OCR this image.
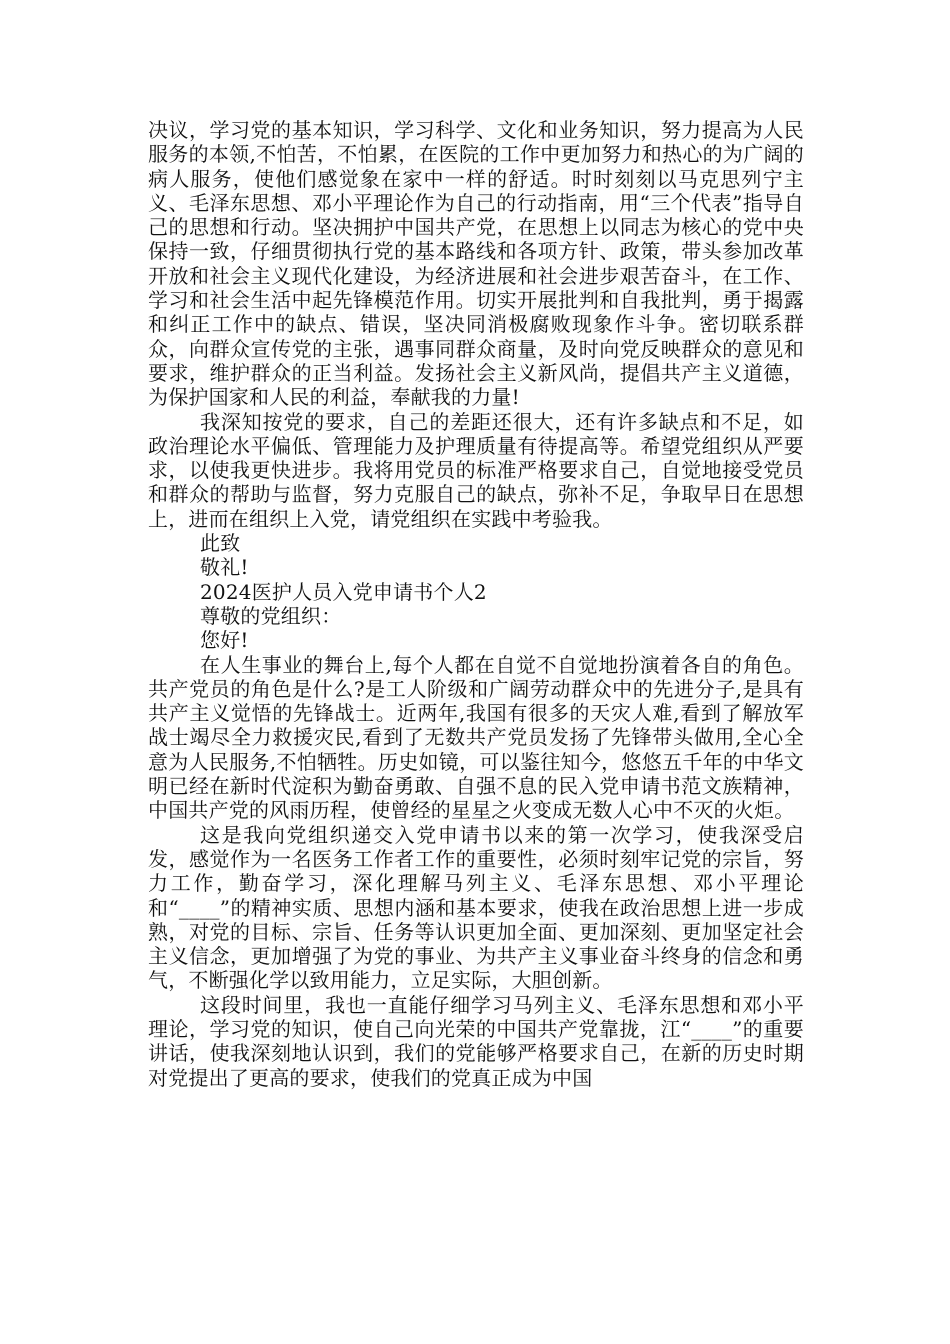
决议，学习党的基本知识，学习科学、文化和业务知识，努力提高为人民服务的本领,不怕苦，不怕累，在医院的工作中更加努力和热心的为广阔的病人服务，使他们感觉象在家中一样的舒适。时时刻刻以马克思列宁主义、毛泽东思想、邓小平理论作为自己的行动指南，用“三个代表”指导自己的思想和行动。坚决拥护中国共产党，在思想上以同志为核心的党中央保持一致，仔细贯彻执行党的基本路线和各项方针、政策，带头参加改革开放和社会主义现代化建设，为经济进展和社会进步艰苦奋斗，在工作、学习和社会生活中起先锋模范作用。切实开展批判和自我批判，勇于揭露和纠正工作中的缺点、错误，坚决同消极腐败现象作斗争。密切联系群众，向群众宣传党的主张，遇事同群众商量，及时向党反映群众的意见和要求，维护群众的正当利益。发扬社会主义新风尚，提倡共产主义道德，为保护国家和人民的利益，奉献我的力量!

我深知按党的要求，自己的差距还很大，还有许多缺点和不足，如政治理论水平偏低、管理能力及护理质量有待提高等。希望党组织从严要求，以使我更快进步。我将用党员的标准严格要求自己，自觉地接受党员和群众的帮助与监督，努力克服自己的缺点，弥补不足，争取早日在思想上，进而在组织上入党，请党组织在实践中考验我。

此致

敬礼!

2024医护人员入党申请书个人2

尊敬的党组织：

您好!

在人生事业的舞台上,每个人都在自觉不自觉地扮演着各自的角色。共产党员的角色是什么?是工人阶级和广阔劳动群众中的先进分子,是具有共产主义觉悟的先锋战士。近两年,我国有很多的天灾人难,看到了解放军战士竭尽全力救援灾民,看到了无数共产党员发扬了先锋带头做用,全心全意为人民服务,不怕牺牲。历史如镜，可以鉴往知今，悠悠五千年的中华文明已经在新时代淀积为勤奋勇敢、自强不息的民入党申请书范文族精神，中国共产党的风雨历程，使曾经的星星之火变成无数人心中不灭的火炬。

这是我向党组织递交入党申请书以来的第一次学习，使我深受启发，感觉作为一名医务工作者工作的重要性，必须时刻牢记党的宗旨，努力工作，勤奋学习，深化理解马列主义、毛泽东思想、邓小平理论和“____”的精神实质、思想内涵和基本要求，使我在政治思想上进一步成熟，对党的目标、宗旨、任务等认识更加全面、更加深刻、更加坚定社会主义信念，更加增强了为党的事业、为共产主义事业奋斗终身的信念和勇气，不断强化学以致用能力，立足实际，大胆创新。

这段时间里，我也一直能仔细学习马列主义、毛泽东思想和邓小平理论，学习党的知识，使自己向光荣的中国共产党靠拢，江“____”的重要讲话，使我深刻地认识到，我们的党能够严格要求自己，在新的历史时期对党提出了更高的要求，使我们的党真正成为中国
